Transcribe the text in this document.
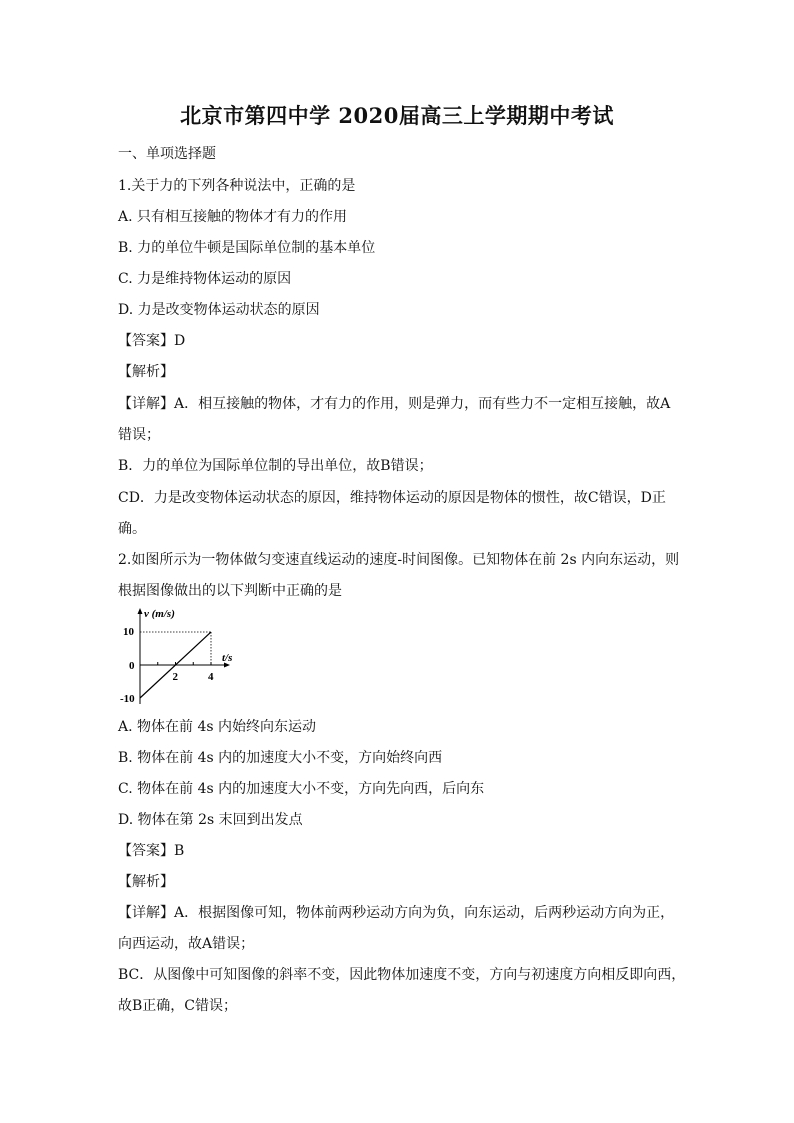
北京市第四中学 2020届高三上学期期中考试

一、单项选择题

1.关于力的下列各种说法中，正确的是

A. 只有相互接触的物体才有力的作用

B. 力的单位牛顿是国际单位制的基本单位

C. 力是维持物体运动的原因

D. 力是改变物体运动状态的原因

【答案】D

【解析】

【详解】A．相互接触的物体，才有力的作用，则是弹力，而有些力不一定相互接触，故A

错误；

B．力的单位为国际单位制的导出单位，故B错误；

CD．力是改变物体运动状态的原因，维持物体运动的原因是物体的惯性，故C错误，D正

确。

2.如图所示为一物体做匀变速直线运动的速度-时间图像。已知物体在前 2s 内向东运动，则

根据图像做出的以下判断中正确的是

v (m/s)
t/s
10
0
-10
2	4

A. 物体在前 4s 内始终向东运动

B. 物体在前 4s 内的加速度大小不变，方向始终向西

C. 物体在前 4s 内的加速度大小不变，方向先向西，后向东

D. 物体在第 2s 末回到出发点

【答案】B

【解析】

【详解】A．根据图像可知，物体前两秒运动方向为负，向东运动，后两秒运动方向为正，

向西运动，故A错误；

BC．从图像中可知图像的斜率不变，因此物体加速度不变，方向与初速度方向相反即向西，

故B正确，C错误；
